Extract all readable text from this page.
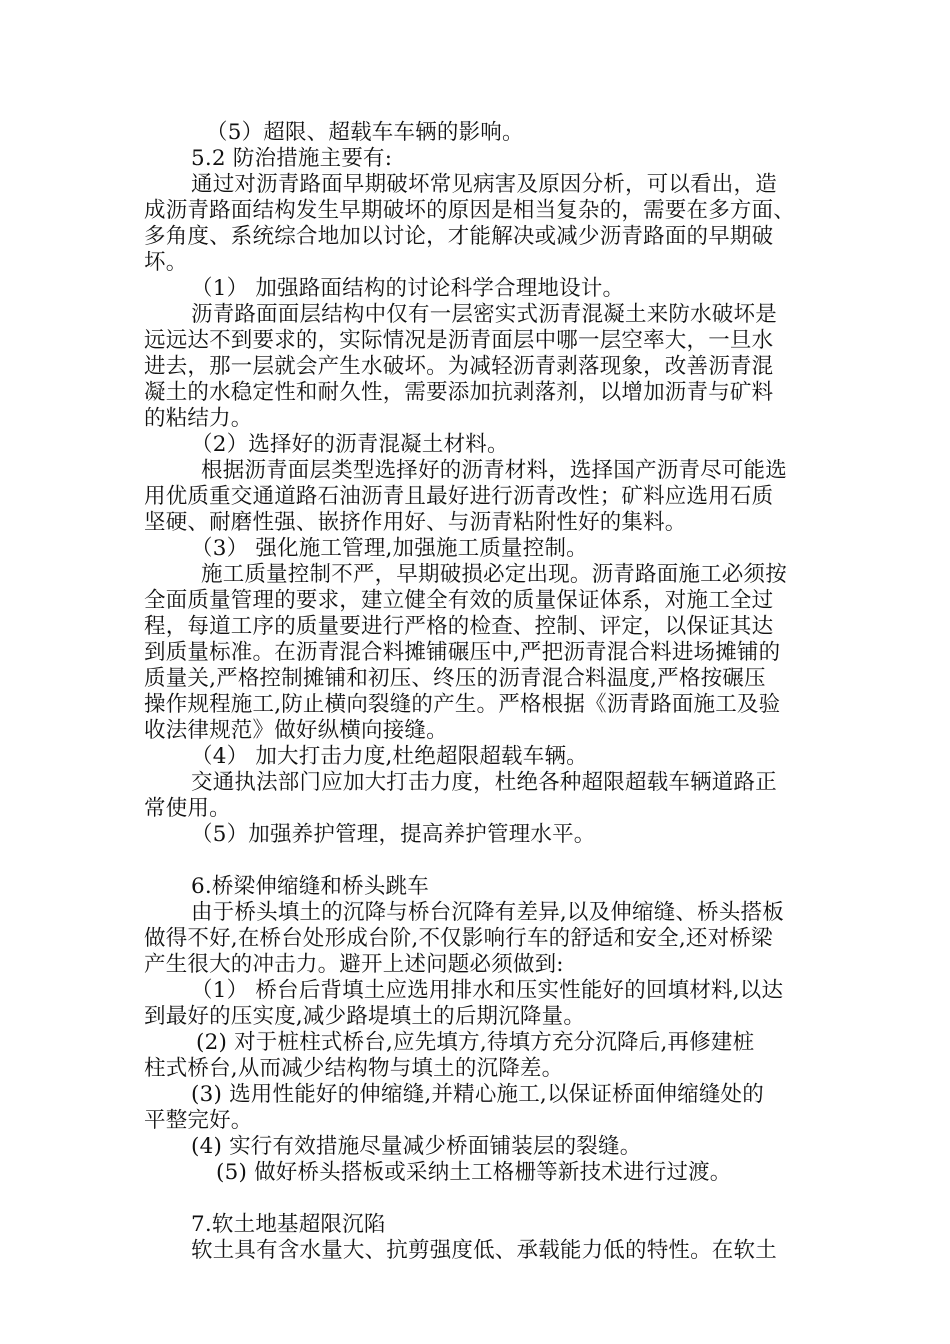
（5）超限、超载车车辆的影响。
5.2 防治措施主要有:
通过对沥青路面早期破坏常见病害及原因分析，可以看出，造
成沥青路面结构发生早期破坏的原因是相当复杂的，需要在多方面、
多角度、系统综合地加以讨论，才能解决或减少沥青路面的早期破
坏。
（1） 加强路面结构的讨论科学合理地设计。
沥青路面面层结构中仅有一层密实式沥青混凝土来防水破坏是
远远达不到要求的，实际情况是沥青面层中哪一层空率大，一旦水
进去，那一层就会产生水破坏。为减轻沥青剥落现象，改善沥青混
凝土的水稳定性和耐久性，需要添加抗剥落剂，以增加沥青与矿料
的粘结力。
（2）选择好的沥青混凝土材料。
根据沥青面层类型选择好的沥青材料，选择国产沥青尽可能选
用优质重交通道路石油沥青且最好进行沥青改性；矿料应选用石质
坚硬、耐磨性强、嵌挤作用好、与沥青粘附性好的集料。
（3） 强化施工管理,加强施工质量控制。
施工质量控制不严，早期破损必定出现。沥青路面施工必须按
全面质量管理的要求，建立健全有效的质量保证体系，对施工全过
程，每道工序的质量要进行严格的检查、控制、评定，以保证其达
到质量标准。在沥青混合料摊铺碾压中,严把沥青混合料进场摊铺的
质量关,严格控制摊铺和初压、终压的沥青混合料温度,严格按碾压
操作规程施工,防止横向裂缝的产生。严格根据《沥青路面施工及验
收法律规范》做好纵横向接缝。
（4） 加大打击力度,杜绝超限超载车辆。
交通执法部门应加大打击力度，杜绝各种超限超载车辆道路正
常使用。
（5）加强养护管理，提高养护管理水平。
6.桥梁伸缩缝和桥头跳车
由于桥头填土的沉降与桥台沉降有差异,以及伸缩缝、桥头搭板
做得不好,在桥台处形成台阶,不仅影响行车的舒适和安全,还对桥梁
产生很大的冲击力。避开上述问题必须做到:
（1） 桥台后背填土应选用排水和压实性能好的回填材料,以达
到最好的压实度,减少路堤填土的后期沉降量。
(2) 对于桩柱式桥台,应先填方,待填方充分沉降后,再修建桩
柱式桥台,从而减少结构物与填土的沉降差。
(3) 选用性能好的伸缩缝,并精心施工,以保证桥面伸缩缝处的
平整完好。
(4) 实行有效措施尽量减少桥面铺装层的裂缝。
(5) 做好桥头搭板或采纳土工格栅等新技术进行过渡。
7.软土地基超限沉陷
软土具有含水量大、抗剪强度低、承载能力低的特性。在软土
